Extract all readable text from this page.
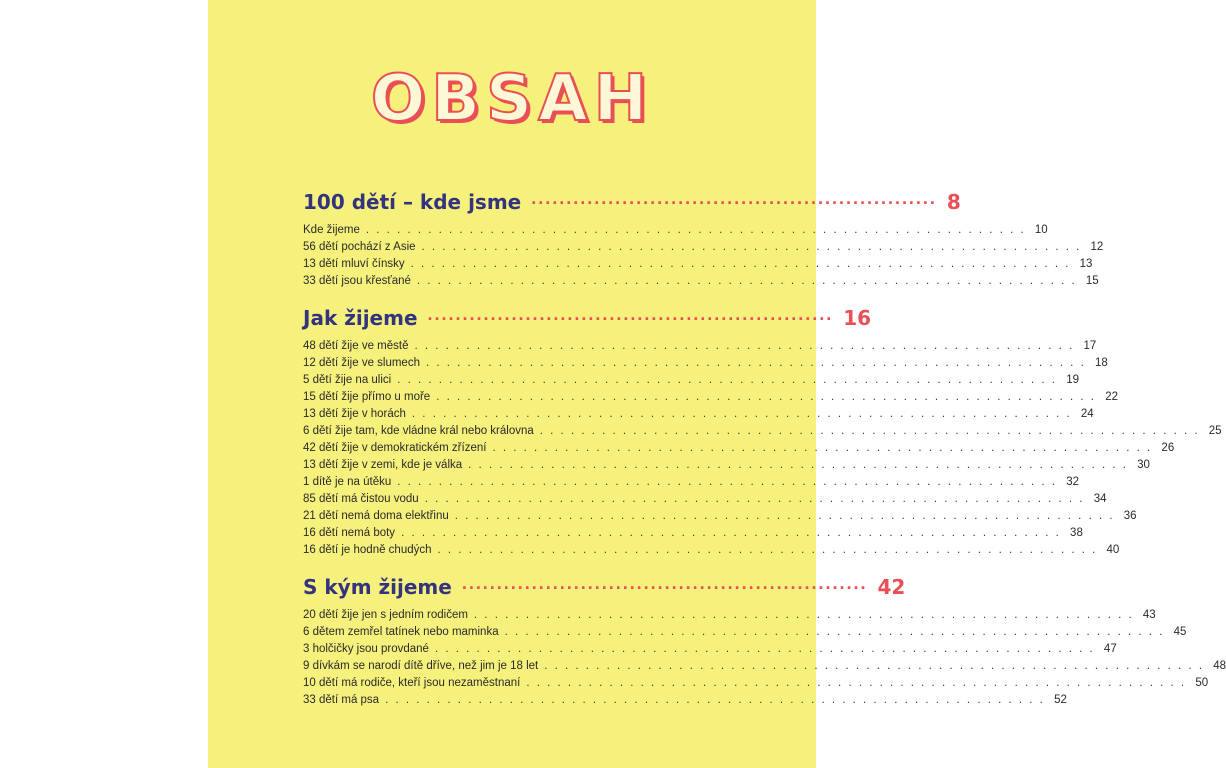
OBSAH
100 dětí – kde jsme ·························································· 8
Kde žijeme . . . . . . . . . . . . . . . . . . . . . . . . . . . . . . . . . . . . . . . . . . . . . . . . . . . . . . . . . . . . . . . . 10
56 dětí pochází z Asie . . . . . . . . . . . . . . . . . . . . . . . . . . . . . . . . . . . . . . . . . . . . . . . . . . . . . . . . . . . . . . . . 12
13 dětí mluví čínsky . . . . . . . . . . . . . . . . . . . . . . . . . . . . . . . . . . . . . . . . . . . . . . . . . . . . . . . . . . . . . . . . 13
33 dětí jsou křesťané . . . . . . . . . . . . . . . . . . . . . . . . . . . . . . . . . . . . . . . . . . . . . . . . . . . . . . . . . . . . . . . . 15
Jak žijeme ·························································· 16
48 dětí žije ve městě . . . . . . . . . . . . . . . . . . . . . . . . . . . . . . . . . . . . . . . . . . . . . . . . . . . . . . . . . . . . . . . . 17
12 dětí žije ve slumech . . . . . . . . . . . . . . . . . . . . . . . . . . . . . . . . . . . . . . . . . . . . . . . . . . . . . . . . . . . . . . . . 18
5 dětí žije na ulici . . . . . . . . . . . . . . . . . . . . . . . . . . . . . . . . . . . . . . . . . . . . . . . . . . . . . . . . . . . . . . . . 19
15 dětí žije přímo u moře . . . . . . . . . . . . . . . . . . . . . . . . . . . . . . . . . . . . . . . . . . . . . . . . . . . . . . . . . . . . . . . . 22
13 dětí žije v horách . . . . . . . . . . . . . . . . . . . . . . . . . . . . . . . . . . . . . . . . . . . . . . . . . . . . . . . . . . . . . . . . 24
6 dětí žije tam, kde vládne král nebo královna . . . . . . . . . . . . . . . . . . . . . . . . . . . . . . . . . . . . . . . . . . . . . . . . . . . . . . . . . . . . . . . . 25
42 dětí žije v demokratickém zřízení . . . . . . . . . . . . . . . . . . . . . . . . . . . . . . . . . . . . . . . . . . . . . . . . . . . . . . . . . . . . . . . . 26
13 dětí žije v zemi, kde je válka . . . . . . . . . . . . . . . . . . . . . . . . . . . . . . . . . . . . . . . . . . . . . . . . . . . . . . . . . . . . . . . . 30
1 dítě je na útěku . . . . . . . . . . . . . . . . . . . . . . . . . . . . . . . . . . . . . . . . . . . . . . . . . . . . . . . . . . . . . . . . 32
85 dětí má čistou vodu . . . . . . . . . . . . . . . . . . . . . . . . . . . . . . . . . . . . . . . . . . . . . . . . . . . . . . . . . . . . . . . . 34
21 dětí nemá doma elektřinu . . . . . . . . . . . . . . . . . . . . . . . . . . . . . . . . . . . . . . . . . . . . . . . . . . . . . . . . . . . . . . . . 36
16 dětí nemá boty . . . . . . . . . . . . . . . . . . . . . . . . . . . . . . . . . . . . . . . . . . . . . . . . . . . . . . . . . . . . . . . . 38
16 dětí je hodně chudých . . . . . . . . . . . . . . . . . . . . . . . . . . . . . . . . . . . . . . . . . . . . . . . . . . . . . . . . . . . . . . . . 40
S kým žijeme ·························································· 42
20 dětí žije jen s jedním rodičem . . . . . . . . . . . . . . . . . . . . . . . . . . . . . . . . . . . . . . . . . . . . . . . . . . . . . . . . . . . . . . . . 43
6 dětem zemřel tatínek nebo maminka . . . . . . . . . . . . . . . . . . . . . . . . . . . . . . . . . . . . . . . . . . . . . . . . . . . . . . . . . . . . . . . . 45
3 holčičky jsou provdané . . . . . . . . . . . . . . . . . . . . . . . . . . . . . . . . . . . . . . . . . . . . . . . . . . . . . . . . . . . . . . . . 47
9 dívkám se narodí dítě dříve, než jim je 18 let . . . . . . . . . . . . . . . . . . . . . . . . . . . . . . . . . . . . . . . . . . . . . . . . . . . . . . . . . . . . . . . . 48
10 dětí má rodiče, kteří jsou nezaměstnaní . . . . . . . . . . . . . . . . . . . . . . . . . . . . . . . . . . . . . . . . . . . . . . . . . . . . . . . . . . . . . . . . 50
33 dětí má psa . . . . . . . . . . . . . . . . . . . . . . . . . . . . . . . . . . . . . . . . . . . . . . . . . . . . . . . . . . . . . . . . 52
